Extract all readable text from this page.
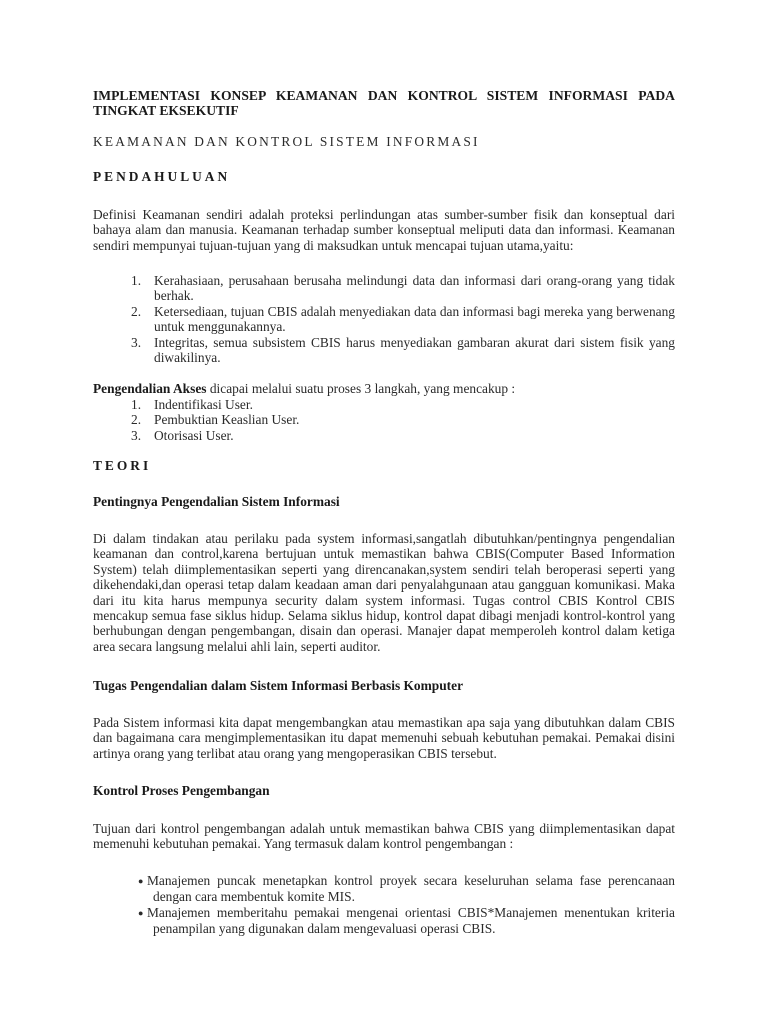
IMPLEMENTASI KONSEP KEAMANAN DAN KONTROL SISTEM INFORMASI PADA TINGKAT EKSEKUTIF

KEAMANAN DAN KONTROL SISTEM INFORMASI

PENDAHULUAN

Definisi Keamanan sendiri adalah proteksi perlindungan atas sumber-sumber fisik dan konseptual dari bahaya alam dan manusia. Keamanan terhadap sumber konseptual meliputi data dan informasi. Keamanan sendiri mempunyai tujuan-tujuan yang di maksudkan untuk mencapai tujuan utama,yaitu:

1. Kerahasiaan, perusahaan berusaha melindungi data dan informasi dari orang-orang yang tidak berhak.
2. Ketersediaan, tujuan CBIS adalah menyediakan data dan informasi bagi mereka yang berwenang untuk menggunakannya.
3. Integritas, semua subsistem CBIS harus menyediakan gambaran akurat dari sistem fisik yang diwakilinya.

Pengendalian Akses dicapai melalui suatu proses 3 langkah, yang mencakup :

1. Indentifikasi User.
2. Pembuktian Keaslian User.
3. Otorisasi User.

TEORI

Pentingnya Pengendalian Sistem Informasi

Di dalam tindakan atau perilaku pada system informasi,sangatlah dibutuhkan/pentingnya pengendalian keamanan dan control,karena bertujuan untuk memastikan bahwa CBIS(Computer Based Information System) telah diimplementasikan seperti yang direncanakan,system sendiri telah beroperasi seperti yang dikehendaki,dan operasi tetap dalam keadaan aman dari penyalahgunaan atau gangguan komunikasi. Maka dari itu kita harus mempunya security dalam system informasi. Tugas control CBIS Kontrol CBIS mencakup semua fase siklus hidup. Selama siklus hidup, kontrol dapat dibagi menjadi kontrol-kontrol yang berhubungan dengan pengembangan, disain dan operasi. Manajer dapat memperoleh kontrol dalam ketiga area secara langsung melalui ahli lain, seperti auditor.

Tugas Pengendalian dalam Sistem Informasi Berbasis Komputer

Pada Sistem informasi kita dapat mengembangkan atau memastikan apa saja yang dibutuhkan dalam CBIS dan bagaimana cara mengimplementasikan itu dapat memenuhi sebuah kebutuhan pemakai. Pemakai disini artinya orang yang terlibat atau orang yang mengoperasikan CBIS tersebut.

Kontrol Proses Pengembangan

Tujuan dari kontrol pengembangan adalah untuk memastikan bahwa CBIS yang diimplementasikan dapat memenuhi kebutuhan pemakai. Yang termasuk dalam kontrol pengembangan :

● Manajemen puncak menetapkan kontrol proyek secara keseluruhan selama fase perencanaan dengan cara membentuk komite MIS.
● Manajemen memberitahu pemakai mengenai orientasi CBIS*Manajemen menentukan kriteria penampilan yang digunakan dalam mengevaluasi operasi CBIS.
